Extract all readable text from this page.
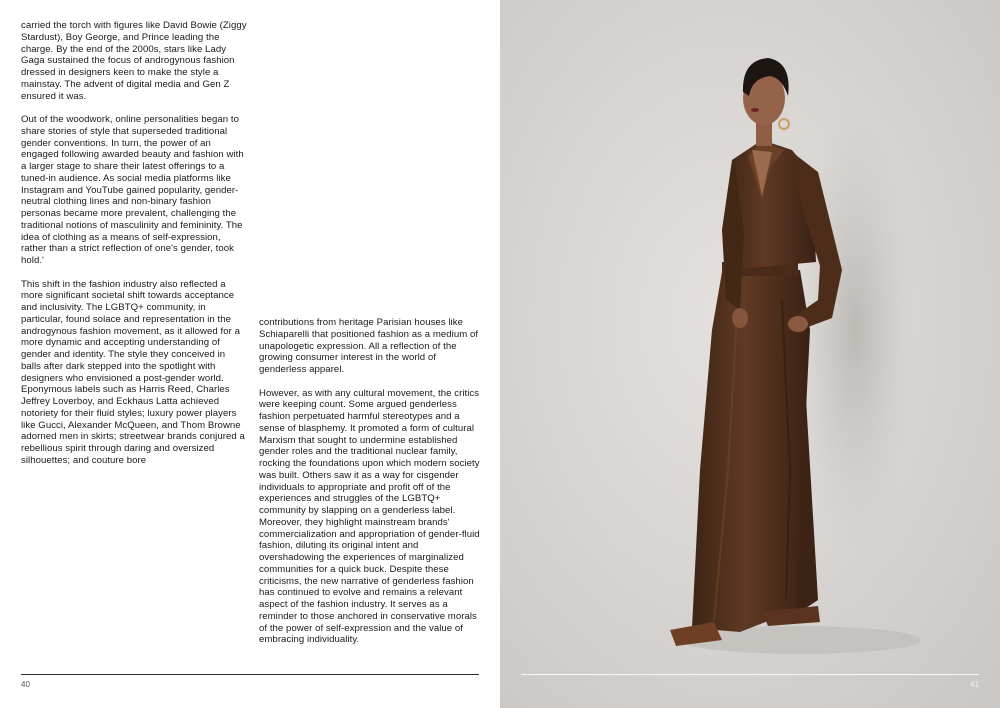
carried the torch with figures like David Bowie (Ziggy Stardust), Boy George, and Prince leading the charge. By the end of the 2000s, stars like Lady Gaga sustained the focus of androgynous fashion dressed in designers keen to make the style a mainstay. The advent of digital media and Gen Z ensured it was.

Out of the woodwork, online personalities began to share stories of style that superseded traditional gender conventions. In turn, the power of an engaged following awarded beauty and fashion with a larger stage to share their latest offerings to a tuned-in audience. As social media platforms like Instagram and YouTube gained popularity, gender-neutral clothing lines and non-binary fashion personas became more prevalent, challenging the traditional notions of masculinity and femininity. The idea of clothing as a means of self-expression, rather than a strict reflection of one's gender, took hold.'

This shift in the fashion industry also reflected a more significant societal shift towards acceptance and inclusivity. The LGBTQ+ community, in particular, found solace and representation in the androgynous fashion movement, as it allowed for a more dynamic and accepting understanding of gender and identity. The style they conceived in balls after dark stepped into the spotlight with designers who envisioned a post-gender world. Eponymous labels such as Harris Reed, Charles Jeffrey Loverboy, and Eckhaus Latta achieved notoriety for their fluid styles; luxury power players like Gucci, Alexander McQueen, and Thom Browne adorned men in skirts; streetwear brands conjured a rebellious spirit through daring and oversized silhouettes; and couture bore

contributions from heritage Parisian houses like Schiaparelli that positioned fashion as a medium of unapologetic expression. All a reflection of the growing consumer interest in the world of genderless apparel.

However, as with any cultural movement, the critics were keeping count. Some argued genderless fashion perpetuated harmful stereotypes and a sense of blasphemy. It promoted a form of cultural Marxism that sought to undermine established gender roles and the traditional nuclear family, rocking the foundations upon which modern society was built. Others saw it as a way for cisgender individuals to appropriate and profit off of the experiences and struggles of the LGBTQ+ community by slapping on a genderless label. Moreover, they highlight mainstream brands' commercialization and appropriation of gender-fluid fashion, diluting its original intent and overshadowing the experiences of marginalized communities for a quick buck. Despite these criticisms, the new narrative of genderless fashion has continued to evolve and remains a relevant aspect of the fashion industry. It serves as a reminder to those anchored in conservative morals of the power of self-expression and the value of embracing individuality.

40	41
